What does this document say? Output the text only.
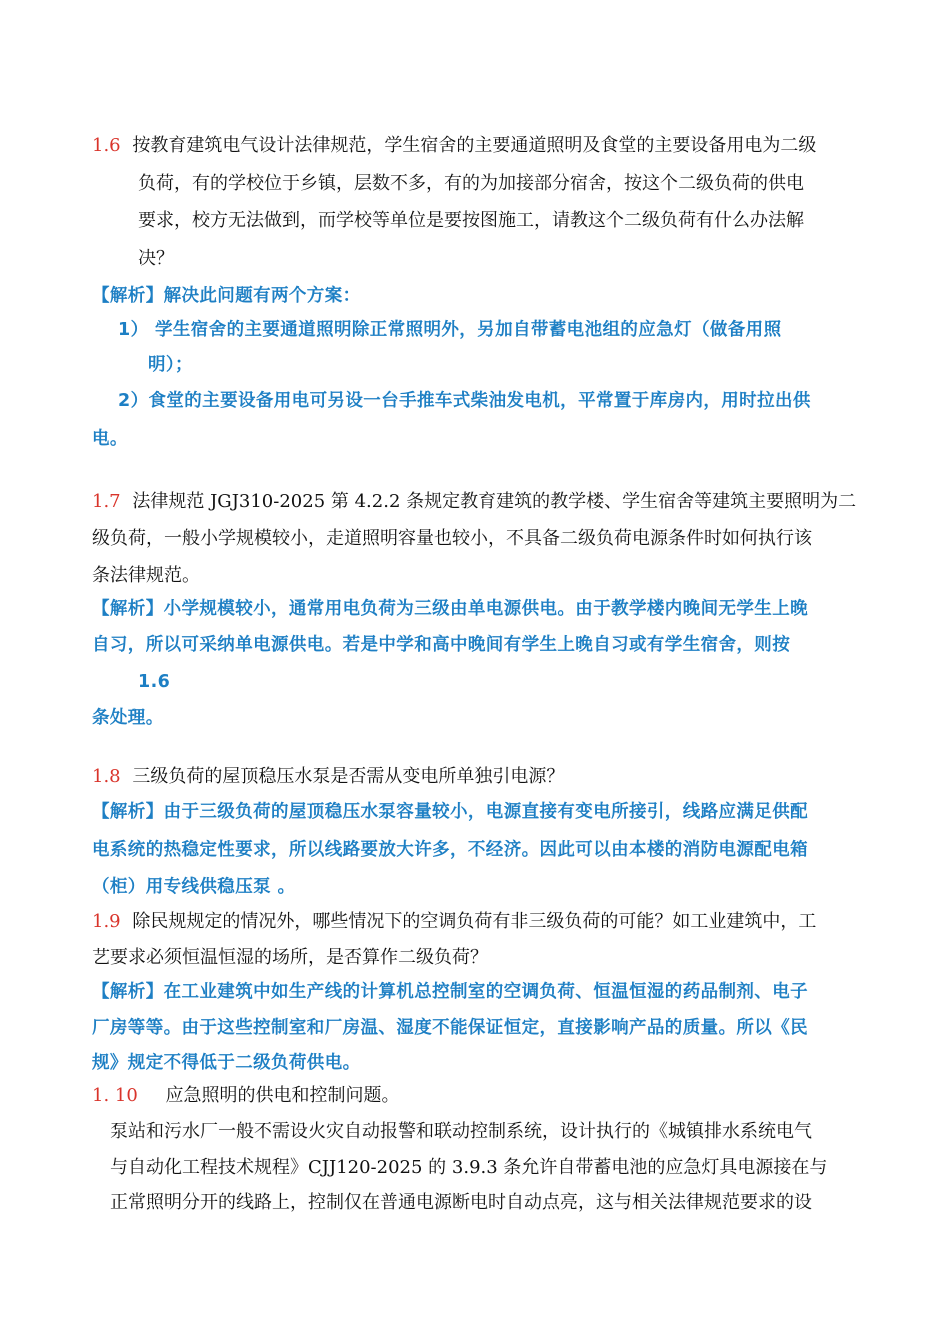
1.6 按教育建筑电气设计法律规范，学生宿舍的主要通道照明及食堂的主要设备用电为二级
负荷，有的学校位于乡镇，层数不多，有的为加接部分宿舍，按这个二级负荷的供电
要求，校方无法做到，而学校等单位是要按图施工，请教这个二级负荷有什么办法解
决？
【解析】解决此问题有两个方案：
1） 学生宿舍的主要通道照明除正常照明外，另加自带蓄电池组的应急灯（做备用照
明）；
2）食堂的主要设备用电可另设一台手推车式柴油发电机，平常置于库房内，用时拉出供
电。
1.7 法律规范 JGJ310-2025 第 4.2.2 条规定教育建筑的教学楼、学生宿舍等建筑主要照明为二
级负荷，一般小学规模较小，走道照明容量也较小，不具备二级负荷电源条件时如何执行该
条法律规范。
【解析】小学规模较小，通常用电负荷为三级由单电源供电。由于教学楼内晚间无学生上晚
自习，所以可采纳单电源供电。若是中学和高中晚间有学生上晚自习或有学生宿舍，则按
1.6
条处理。
1.8 三级负荷的屋顶稳压水泵是否需从变电所单独引电源？
【解析】由于三级负荷的屋顶稳压水泵容量较小，电源直接有变电所接引，线路应满足供配
电系统的热稳定性要求，所以线路要放大许多，不经济。因此可以由本楼的消防电源配电箱
（柜）用专线供稳压泵 。
1.9 除民规规定的情况外，哪些情况下的空调负荷有非三级负荷的可能？如工业建筑中，工
艺要求必须恒温恒湿的场所，是否算作二级负荷？
【解析】在工业建筑中如生产线的计算机总控制室的空调负荷、恒温恒湿的药品制剂、电子
厂房等等。由于这些控制室和厂房温、湿度不能保证恒定，直接影响产品的质量。所以《民
规》规定不得低于二级负荷供电。
1. 10 应急照明的供电和控制问题。
泵站和污水厂一般不需设火灾自动报警和联动控制系统，设计执行的《城镇排水系统电气
与自动化工程技术规程》CJJ120-2025 的 3.9.3 条允许自带蓄电池的应急灯具电源接在与
正常照明分开的线路上，控制仅在普通电源断电时自动点亮，这与相关法律规范要求的设
